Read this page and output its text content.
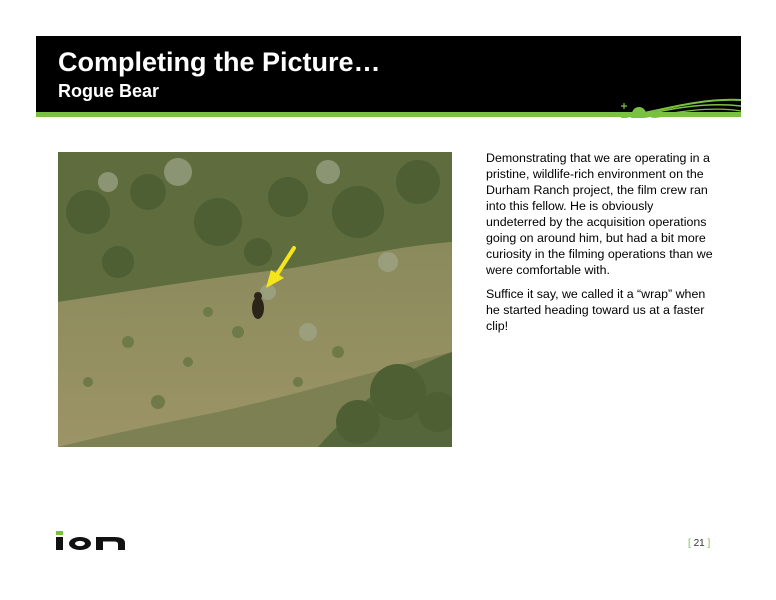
Completing the Picture…
Rogue Bear

Demonstrating that we are operating in a pristine, wildlife-rich environment on the Durham Ranch project, the film crew ran into this fellow. He is obviously undeterred by the acquisition operations going on around him, but had a bit more curiosity in the filming operations than we were comfortable with.

Suffice it say, we called it a “wrap” when he started heading toward us at a faster clip!

[ 21 ]
